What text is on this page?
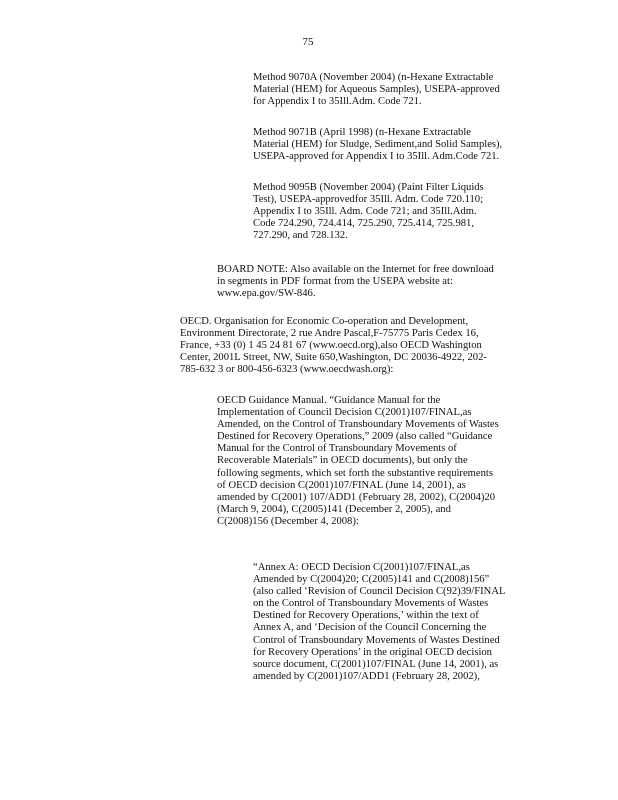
75
Method 9070A (November 2004) (n-Hexane Extractable
Material (HEM) for Aqueous Samples), USEPA-approved
for Appendix I to 35Ill.Adm. Code 721.
Method 9071B (April 1998) (n-Hexane Extractable
Material (HEM) for Sludge, Sediment,and Solid Samples),
USEPA-approved for Appendix I to 35Ill. Adm.Code 721.
Method 9095B (November 2004) (Paint Filter Liquids
Test), USEPA-approvedfor 35Ill. Adm. Code 720.110;
Appendix I to 35Ill. Adm. Code 721; and 35Ill.Adm.
Code 724.290, 724.414, 725.290, 725.414, 725.981,
727.290, and 728.132.
BOARD NOTE: Also available on the Internet for free download
in segments in PDF format from the USEPA website at:
www.epa.gov/SW-846.
OECD. Organisation for Economic Co-operation and Development,
Environment Directorate, 2 rue Andre Pascal,F-75775 Paris Cedex 16,
France, +33 (0) 1 45 24 81 67 (www.oecd.org),also OECD Washington
Center, 2001L Street, NW, Suite 650,Washington, DC 20036-4922, 202-
785-632 3 or 800-456-6323 (www.oecdwash.org):
OECD Guidance Manual. “Guidance Manual for the
Implementation of Council Decision C(2001)107/FINAL,as
Amended, on the Control of Transboundary Movements of Wastes
Destined for Recovery Operations,” 2009 (also called “Guidance
Manual for the Control of Transboundary Movements of
Recoverable Materials” in OECD documents), but only the
following segments, which set forth the substantive requirements
of OECD decision C(2001)107/FINAL (June 14, 2001), as
amended by C(2001) 107/ADD1 (February 28, 2002), C(2004)20
(March 9, 2004), C(2005)141 (December 2, 2005), and
C(2008)156 (December 4, 2008):
“Annex A: OECD Decision C(2001)107/FINAL,as
Amended by C(2004)20; C(2005)141 and C(2008)156”
(also called ‘Revision of Council Decision C(92)39/FINAL
on the Control of Transboundary Movements of Wastes
Destined for Recovery Operations,’ within the text of
Annex A, and ‘Decision of the Council Concerning the
Control of Transboundary Movements of Wastes Destined
for Recovery Operations’ in the original OECD decision
source document, C(2001)107/FINAL (June 14, 2001), as
amended by C(2001)107/ADD1 (February 28, 2002),
